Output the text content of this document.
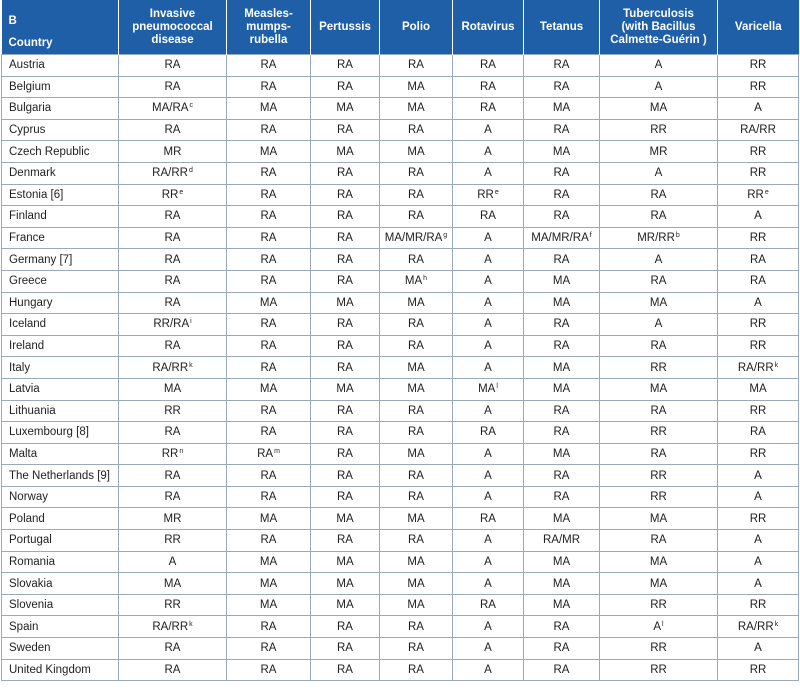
B
Country	Invasive
pneumococcal
disease	Measles-
mumps-
rubella	Pertussis	Polio	Rotavirus	Tetanus	Tuberculosis
(with Bacillus
Calmette-Guérin )	Varicella

Austria	RA	RA	RA	RA	RA	RA	A	RR
Belgium	RA	RA	RA	MA	RA	RA	A	RR
Bulgaria	$MA/RA^c$	MA	MA	MA	RA	MA	MA	A
Cyprus	RA	RA	RA	RA	A	RA	RR	RA/RR
Czech Republic	MR	MA	MA	MA	A	MA	MR	RR
Denmark	$RA/RR^d$	RA	RA	RA	A	RA	A	RR
Estonia [6]	$RR^e$	RA	RA	RA	$RR^e$	RA	RA	$RR^e$
Finland	RA	RA	RA	RA	RA	RA	RA	A
France	RA	RA	RA	$MA/MR/RA^g$	A	$MA/MR/RA^f$	$MR/RR^b$	RR
Germany [7]	RA	RA	RA	RA	A	RA	A	RA
Greece	RA	RA	RA	$MA^h$	A	MA	RA	RA
Hungary	RA	MA	MA	MA	A	MA	MA	A
Iceland	$RR/RA^i$	RA	RA	RA	A	RA	A	RR
Ireland	RA	RA	RA	RA	A	RA	RA	RR
Italy	$RA/RR^k$	RA	RA	MA	A	MA	RR	$RA/RR^k$
Latvia	MA	MA	MA	MA	$MA^l$	MA	MA	MA
Lithuania	RR	RA	RA	RA	A	RA	RA	RR
Luxembourg [8]	RA	RA	RA	RA	RA	RA	RR	RA
Malta	$RR^n$	$RA^m$	RA	MA	A	MA	RA	RR
The Netherlands [9]	RA	RA	RA	RA	A	RA	RR	A
Norway	RA	RA	RA	RA	A	RA	RR	A
Poland	MR	MA	MA	MA	RA	MA	MA	RR
Portugal	RR	RA	RA	RA	A	RA/MR	RA	A
Romania	A	MA	MA	MA	A	MA	MA	A
Slovakia	MA	MA	MA	MA	A	MA	MA	A
Slovenia	RR	MA	MA	MA	RA	MA	RR	RR
Spain	$RA/RR^k$	RA	RA	RA	A	RA	$A^l$	$RA/RR^k$
Sweden	RA	RA	RA	RA	A	RA	RR	A
United Kingdom	RA	RA	RA	RA	A	RA	RR	RR
